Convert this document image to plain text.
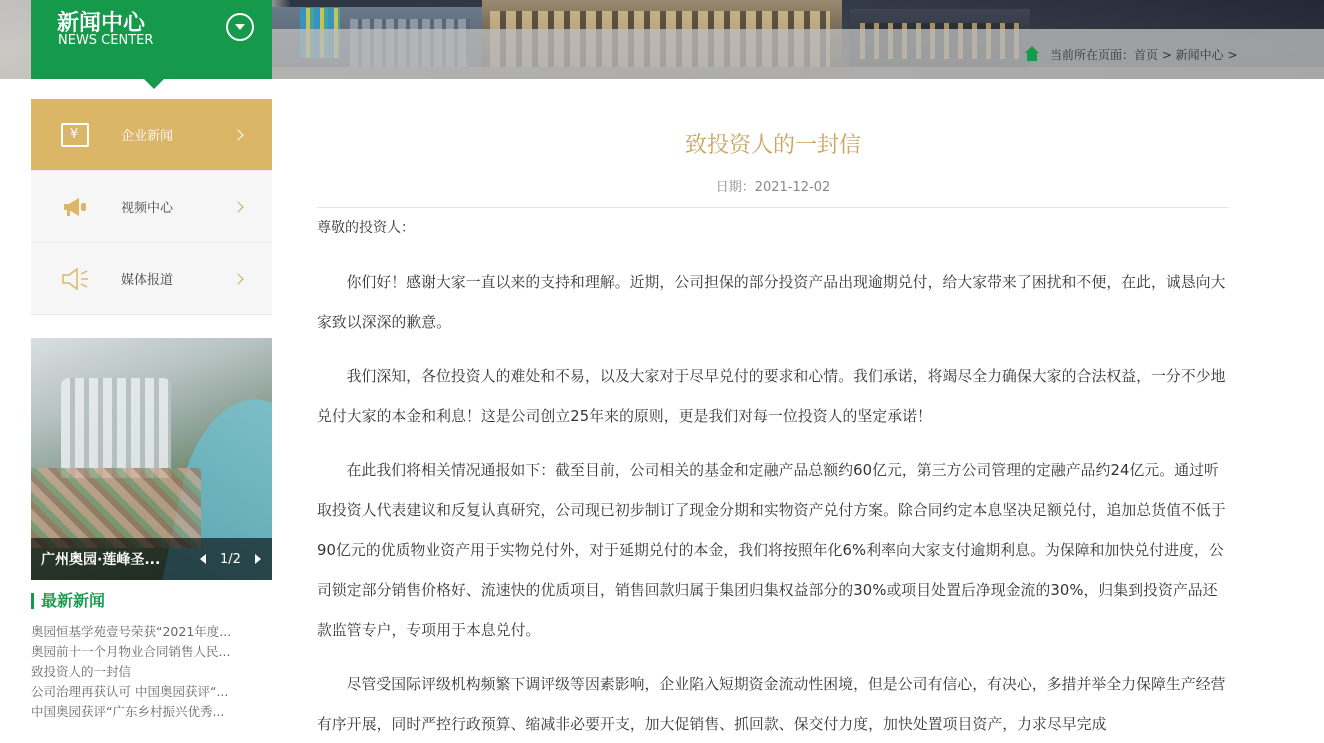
当前所在页面：首页 > 新闻中心 >
新闻中心
NEWS CENTER
¥
企业新闻
视频中心
媒体报道
广州奥园·莲峰圣...	1/2
最新新闻
奥园恒基学苑壹号荣获“2021年度...
奥园前十一个月物业合同销售人民...
致投资人的一封信
公司治理再获认可 中国奥园获评“...
中国奥园获评“广东乡村振兴优秀...
致投资人的一封信
日期：2021-12-02
尊敬的投资人：

你们好！感谢大家一直以来的支持和理解。近期，公司担保的部分投资产品出现逾期兑付，给大家带来了困扰和不便，在此，诚恳向大家致以深深的歉意。

我们深知，各位投资人的难处和不易，以及大家对于尽早兑付的要求和心情。我们承诺，将竭尽全力确保大家的合法权益，一分不少地兑付大家的本金和利息！这是公司创立25年来的原则，更是我们对每一位投资人的坚定承诺！

在此我们将相关情况通报如下：截至目前，公司相关的基金和定融产品总额约60亿元，第三方公司管理的定融产品约24亿元。通过听取投资人代表建议和反复认真研究，公司现已初步制订了现金分期和实物资产兑付方案。除合同约定本息坚决足额兑付，追加总货值不低于90亿元的优质物业资产用于实物兑付外，对于延期兑付的本金，我们将按照年化6%利率向大家支付逾期利息。为保障和加快兑付进度，公司锁定部分销售价格好、流速快的优质项目，销售回款归属于集团归集权益部分的30%或项目处置后净现金流的30%，归集到投资产品还款监管专户，专项用于本息兑付。

尽管受国际评级机构频繁下调评级等因素影响，企业陷入短期资金流动性困境，但是公司有信心，有决心，多措并举全力保障生产经营有序开展，同时严控行政预算、缩减非必要开支，加大促销售、抓回款、保交付力度，加快处置项目资产，力求尽早完成
